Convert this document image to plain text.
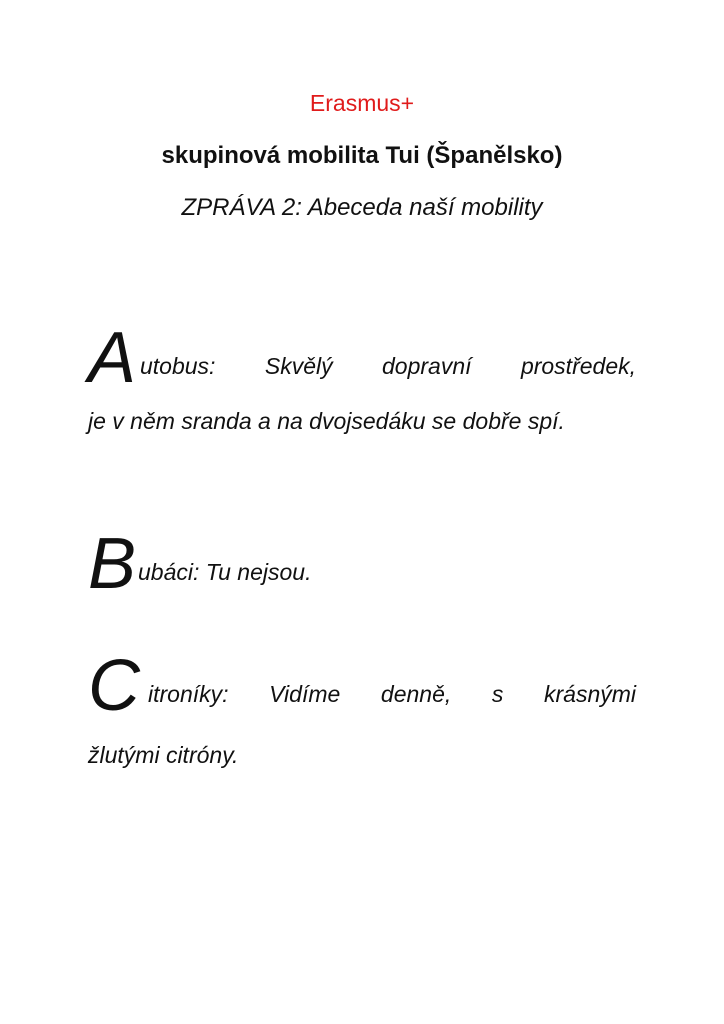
Erasmus+
skupinová mobilita Tui (Španělsko)
ZPRÁVA 2: Abeceda naší mobility
A utobus: Skvělý dopravní prostředek,
je v něm sranda a na dvojsedáku se dobře spí.
B ubáci: Tu nejsou.
C itroníky: Vidíme denně, s krásnými
žlutými citróny.
